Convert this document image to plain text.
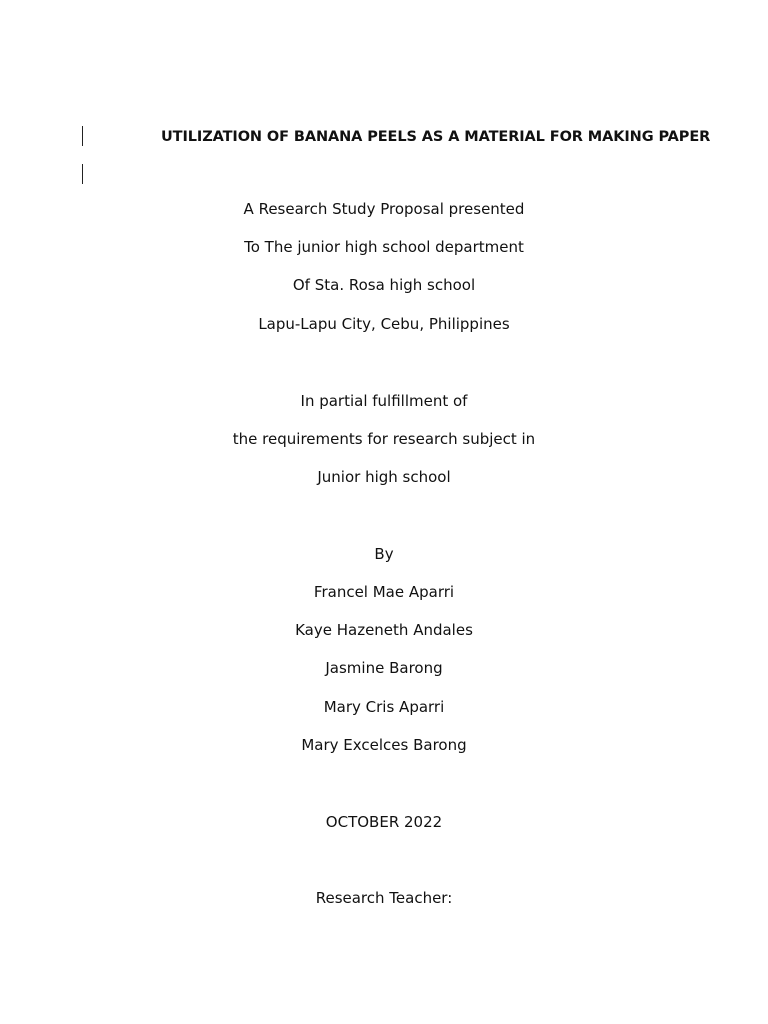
UTILIZATION OF BANANA PEELS AS A MATERIAL FOR MAKING PAPER
A Research Study Proposal presented
To The junior high school department
Of Sta. Rosa high school
Lapu-Lapu City, Cebu, Philippines
In partial fulfillment of
the requirements for research subject in
Junior high school
By
Francel Mae Aparri
Kaye Hazeneth Andales
Jasmine Barong
Mary Cris Aparri
Mary Excelces Barong
OCTOBER 2022
Research Teacher:
